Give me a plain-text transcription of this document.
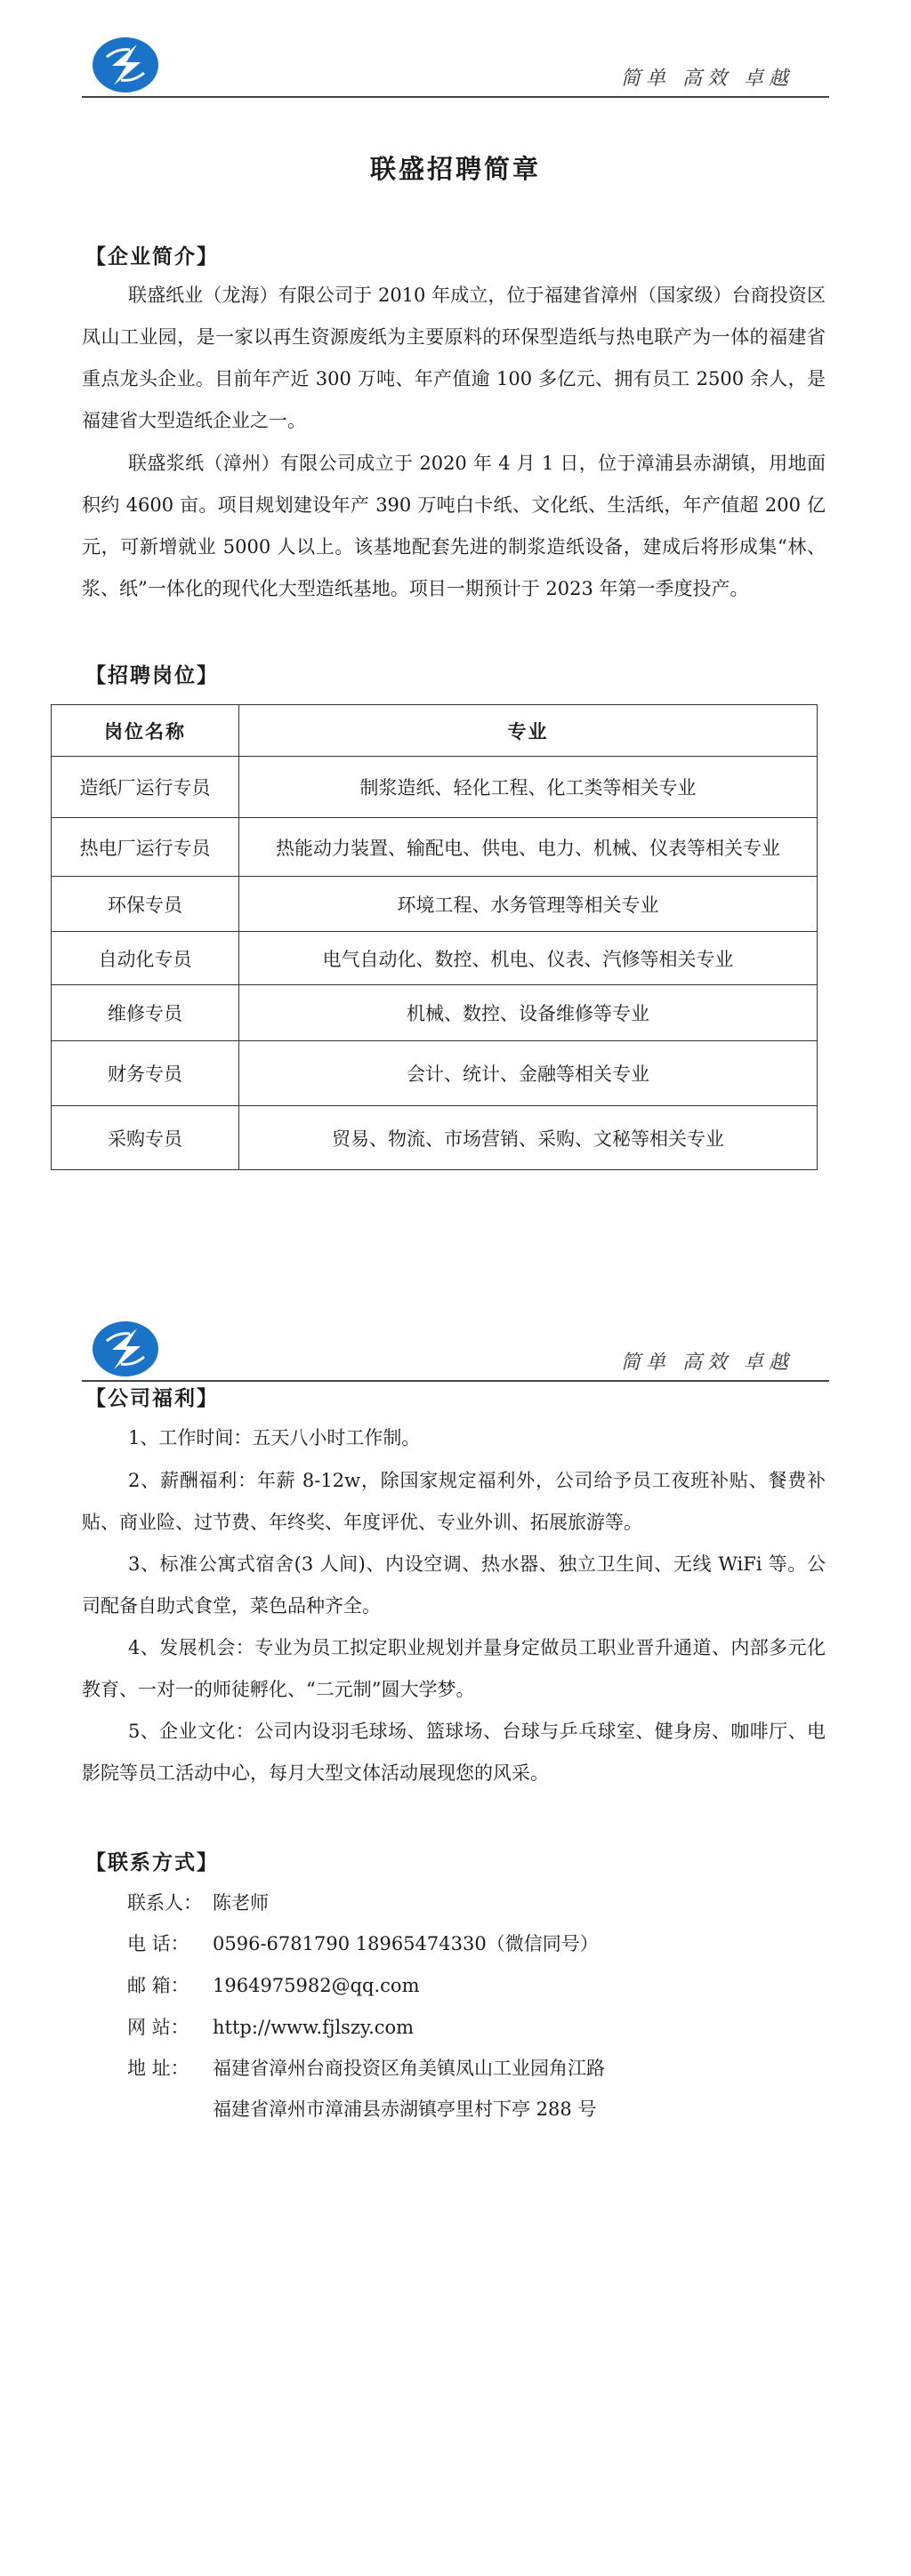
简单 高效 卓越
联盛招聘简章
【企业简介】

联盛纸业（龙海）有限公司于 2010 年成立，位于福建省漳州（国家级）台商投资区凤山工业园，是一家以再生资源废纸为主要原料的环保型造纸与热电联产为一体的福建省重点龙头企业。目前年产近 300 万吨、年产值逾 100 多亿元、拥有员工 2500 余人，是福建省大型造纸企业之一。

联盛浆纸（漳州）有限公司成立于 2020 年 4 月 1 日，位于漳浦县赤湖镇，用地面积约 4600 亩。项目规划建设年产 390 万吨白卡纸、文化纸、生活纸，年产值超 200 亿元，可新增就业 5000 人以上。该基地配套先进的制浆造纸设备，建成后将形成集“林、浆、纸”一体化的现代化大型造纸基地。项目一期预计于 2023 年第一季度投产。

【招聘岗位】
岗位名称	专业
造纸厂运行专员	制浆造纸、轻化工程、化工类等相关专业
热电厂运行专员	热能动力装置、输配电、供电、电力、机械、仪表等相关专业
环保专员	环境工程、水务管理等相关专业
自动化专员	电气自动化、数控、机电、仪表、汽修等相关专业
维修专员	机械、数控、设备维修等专业
财务专员	会计、统计、金融等相关专业
采购专员	贸易、物流、市场营销、采购、文秘等相关专业
简单 高效 卓越
【公司福利】

1、工作时间：五天八小时工作制。

2、薪酬福利：年薪 8-12w，除国家规定福利外，公司给予员工夜班补贴、餐费补贴、商业险、过节费、年终奖、年度评优、专业外训、拓展旅游等。

3、标准公寓式宿舍(3 人间)、内设空调、热水器、独立卫生间、无线 WiFi 等。公司配备自助式食堂，菜色品种齐全。

4、发展机会：专业为员工拟定职业规划并量身定做员工职业晋升通道、内部多元化教育、一对一的师徒孵化、“二元制”圆大学梦。

5、企业文化：公司内设羽毛球场、篮球场、台球与乒乓球室、健身房、咖啡厅、电影院等员工活动中心，每月大型文体活动展现您的风采。

【联系方式】
联系人： 陈老师
电 话： 0596-6781790 18965474330（微信同号）
邮 箱： 1964975982@qq.com
网 站： http://www.fjlszy.com
地 址： 福建省漳州台商投资区角美镇凤山工业园角江路
福建省漳州市漳浦县赤湖镇亭里村下亭 288 号
